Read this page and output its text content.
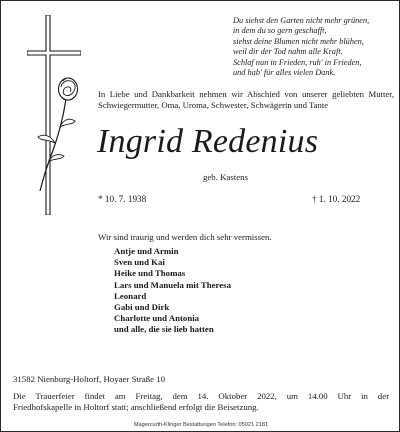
Du siehst den Garten nicht mehr grünen,
in dem du so gern geschafft,
siehst deine Blumen nicht mehr blühen,
weil dir der Tod nahm alle Kraft.
Schlaf nun in Frieden, ruh' in Frieden,
und hab' für alles vielen Dank.
In Liebe und Dankbarkeit nehmen wir Abschied von unserer geliebten Mutter, Schwiegermutter, Oma, Uroma, Schwester, Schwägerin und Tante
Ingrid Redenius
geb. Kastens
* 10. 7. 1938	† 1. 10. 2022
Wir sind traurig und werden dich sehr vermissen.
Antje und Armin
Sven und Kai
Heike und Thomas
Lars und Manuela mit Theresa
Leonard
Gabi und Dirk
Charlotte und Antonia
und alle, die sie lieb hatten
31582 Nienburg-Holtorf, Hoyaer Straße 10
Die Trauerfeier findet am Freitag, dem 14. Oktober 2022, um 14.00 Uhr in der
Friedhofskapelle in Holtorf statt; anschließend erfolgt die Beisetzung.
Magercurth-Klinger Bestattungen Telefon: 05021 2181
